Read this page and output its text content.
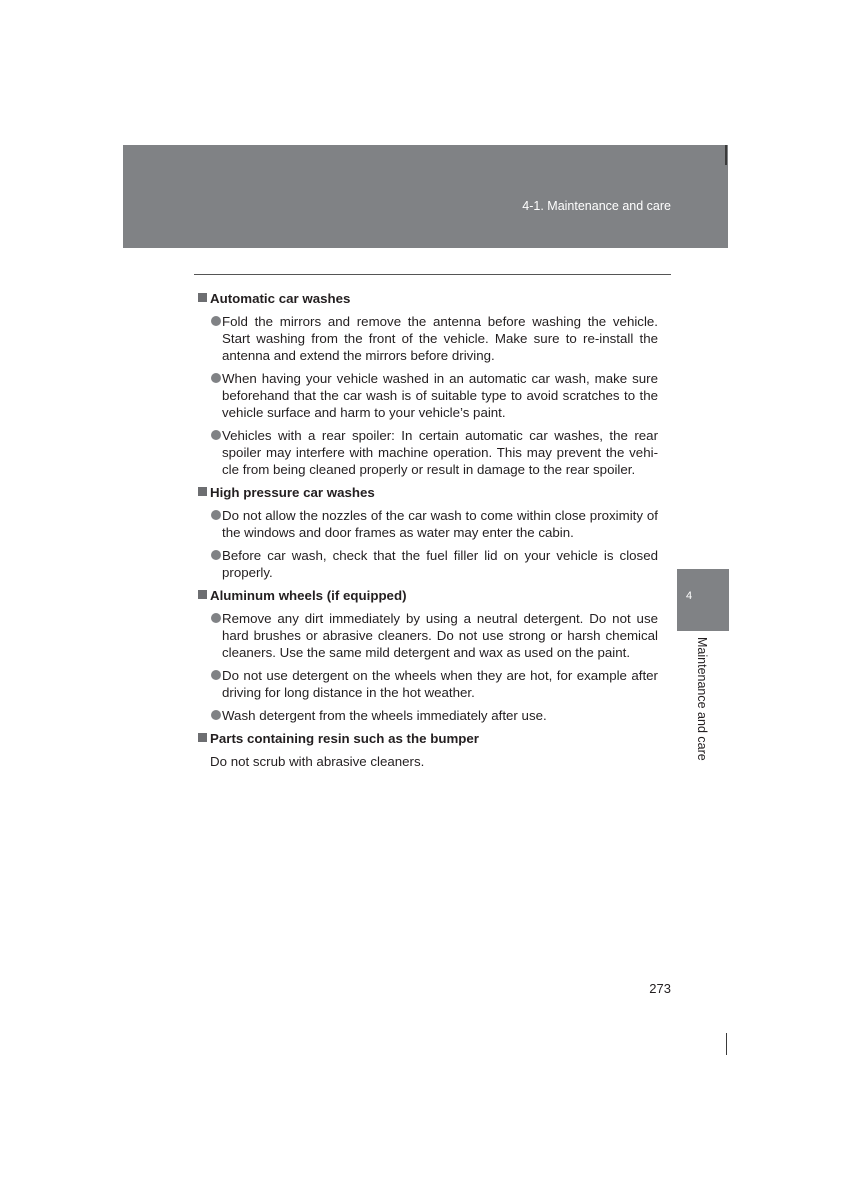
4-1. Maintenance and care
Automatic car washes
Fold the mirrors and remove the antenna before washing the vehicle. Start washing from the front of the vehicle. Make sure to re-install the antenna and extend the mirrors before driving.
When having your vehicle washed in an automatic car wash, make sure beforehand that the car wash is of suitable type to avoid scratches to the vehicle surface and harm to your vehicle’s paint.
Vehicles with a rear spoiler: In certain automatic car washes, the rear spoiler may interfere with machine operation. This may prevent the vehicle from being cleaned properly or result in damage to the rear spoiler.
High pressure car washes
Do not allow the nozzles of the car wash to come within close proximity of the windows and door frames as water may enter the cabin.
Before car wash, check that the fuel filler lid on your vehicle is closed properly.
Aluminum wheels (if equipped)
Remove any dirt immediately by using a neutral detergent. Do not use hard brushes or abrasive cleaners. Do not use strong or harsh chemical cleaners. Use the same mild detergent and wax as used on the paint.
Do not use detergent on the wheels when they are hot, for example after driving for long distance in the hot weather.
Wash detergent from the wheels immediately after use.
Parts containing resin such as the bumper
Do not scrub with abrasive cleaners.
4
Maintenance and care
273
